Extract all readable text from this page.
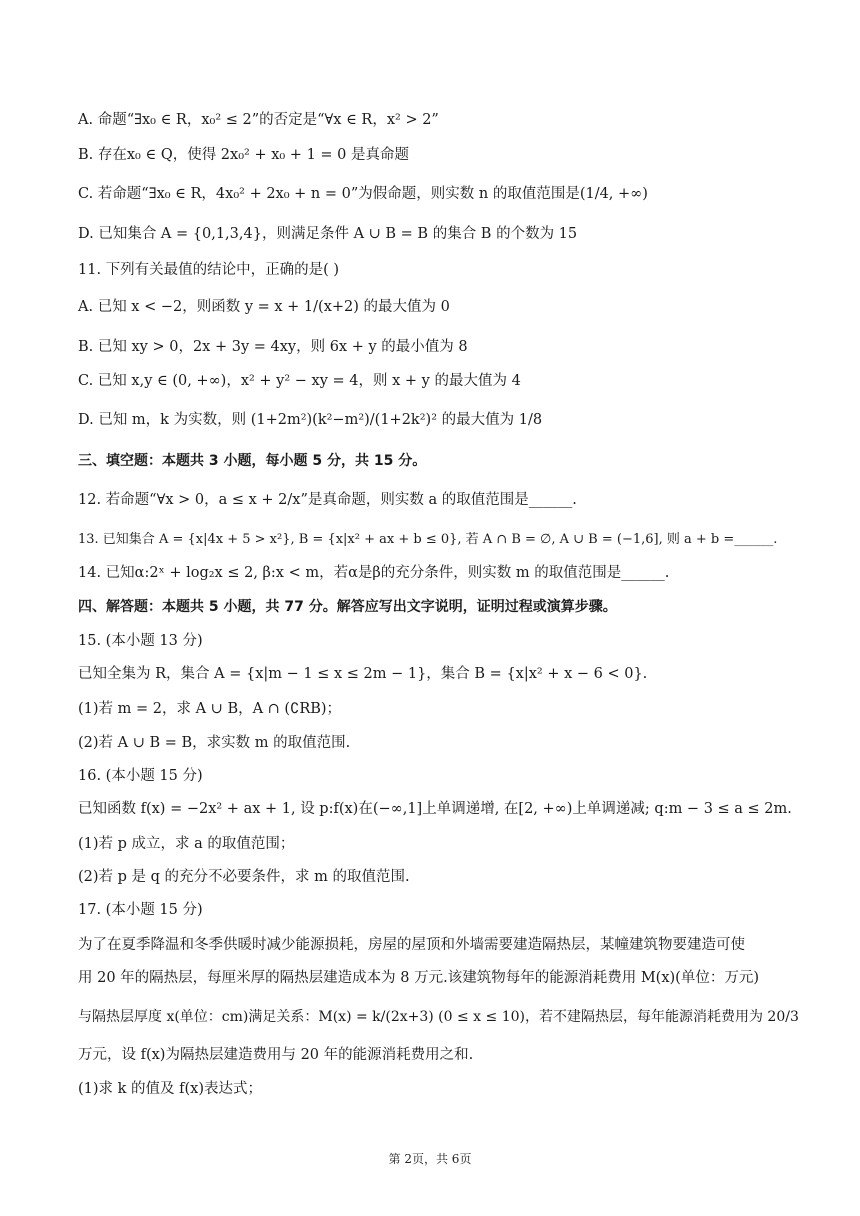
A. 命题“∃x₀ ∈ R，x₀² ≤ 2”的否定是“∀x ∈ R，x² > 2”
B. 存在x₀ ∈ Q，使得 2x₀² + x₀ + 1 = 0 是真命题
C. 若命题“∃x₀ ∈ R，4x₀² + 2x₀ + n = 0”为假命题，则实数 n 的取值范围是(1/4, +∞)
D. 已知集合 A = {0,1,3,4}，则满足条件 A ∪ B = B 的集合 B 的个数为 15
11. 下列有关最值的结论中，正确的是( )
A. 已知 x < −2，则函数 y = x + 1/(x+2) 的最大值为 0
B. 已知 xy > 0，2x + 3y = 4xy，则 6x + y 的最小值为 8
C. 已知 x,y ∈ (0, +∞)，x² + y² − xy = 4，则 x + y 的最大值为 4
D. 已知 m，k 为实数，则 (1+2m²)(k²−m²)/(1+2k²)² 的最大值为 1/8
三、填空题：本题共 3 小题，每小题 5 分，共 15 分。
12. 若命题“∀x > 0，a ≤ x + 2/x”是真命题，则实数 a 的取值范围是______.
13. 已知集合 A = {x|4x + 5 > x²}, B = {x|x² + ax + b ≤ 0}, 若 A ∩ B = ∅, A ∪ B = (−1,6], 则 a + b =______.
14. 已知α:2ˣ + log₂x ≤ 2, β:x < m，若α是β的充分条件，则实数 m 的取值范围是______.
四、解答题：本题共 5 小题，共 77 分。解答应写出文字说明，证明过程或演算步骤。
15. (本小题 13 分)
已知全集为 R，集合 A = {x|m − 1 ≤ x ≤ 2m − 1}，集合 B = {x|x² + x − 6 < 0}.
(1)若 m = 2，求 A ∪ B，A ∩ (∁RB)；
(2)若 A ∪ B = B，求实数 m 的取值范围.
16. (本小题 15 分)
已知函数 f(x) = −2x² + ax + 1, 设 p:f(x)在(−∞,1]上单调递增, 在[2, +∞)上单调递减; q:m − 3 ≤ a ≤ 2m.
(1)若 p 成立，求 a 的取值范围；
(2)若 p 是 q 的充分不必要条件，求 m 的取值范围.
17. (本小题 15 分)
为了在夏季降温和冬季供暖时减少能源损耗，房屋的屋顶和外墙需要建造隔热层，某幢建筑物要建造可使
用 20 年的隔热层，每厘米厚的隔热层建造成本为 8 万元.该建筑物每年的能源消耗费用 M(x)(单位：万元)
与隔热层厚度 x(单位：cm)满足关系：M(x) = k/(2x+3) (0 ≤ x ≤ 10)，若不建隔热层，每年能源消耗费用为 20/3
万元，设 f(x)为隔热层建造费用与 20 年的能源消耗费用之和.
(1)求 k 的值及 f(x)表达式；
第 2页，共 6页
